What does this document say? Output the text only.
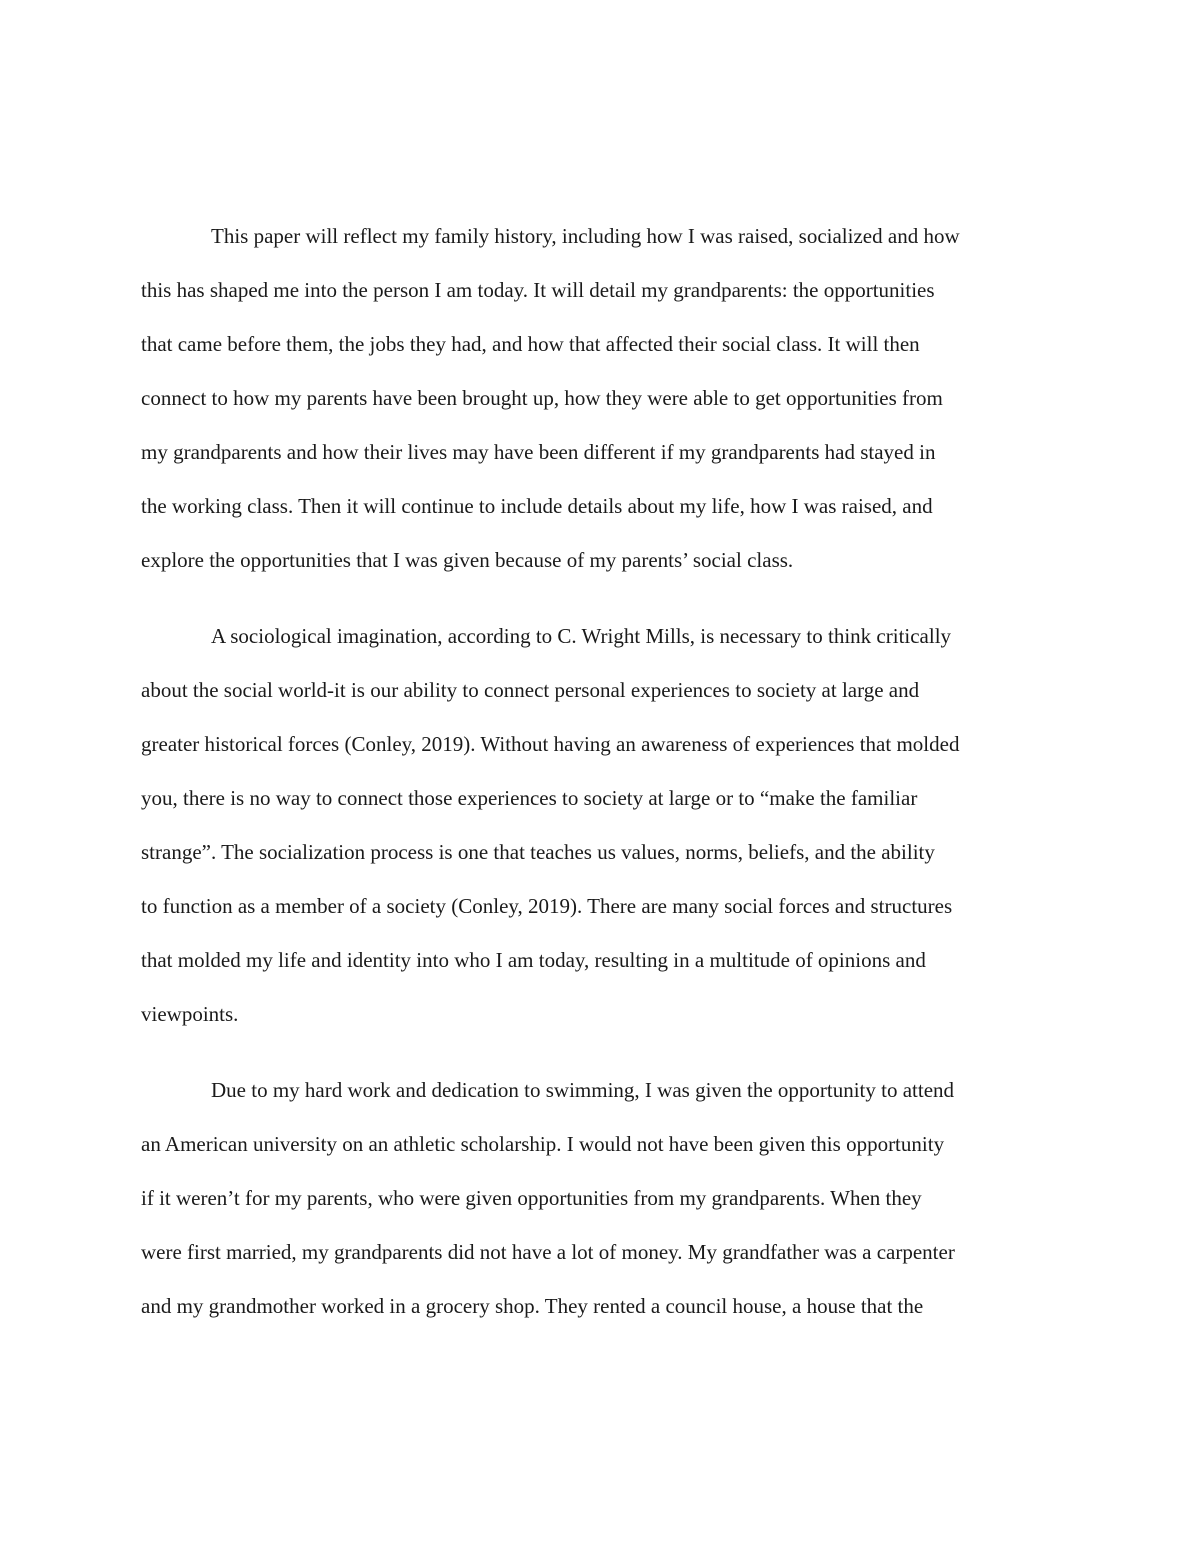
This paper will reflect my family history, including how I was raised, socialized and how
this has shaped me into the person I am today. It will detail my grandparents: the opportunities
that came before them, the jobs they had, and how that affected their social class. It will then
connect to how my parents have been brought up, how they were able to get opportunities from
my grandparents and how their lives may have been different if my grandparents had stayed in
the working class. Then it will continue to include details about my life, how I was raised, and
explore the opportunities that I was given because of my parents’ social class.
A sociological imagination, according to C. Wright Mills, is necessary to think critically
about the social world-it is our ability to connect personal experiences to society at large and
greater historical forces (Conley, 2019). Without having an awareness of experiences that molded
you, there is no way to connect those experiences to society at large or to “make the familiar
strange”. The socialization process is one that teaches us values, norms, beliefs, and the ability
to function as a member of a society (Conley, 2019). There are many social forces and structures
that molded my life and identity into who I am today, resulting in a multitude of opinions and
viewpoints.
Due to my hard work and dedication to swimming, I was given the opportunity to attend
an American university on an athletic scholarship. I would not have been given this opportunity
if it weren’t for my parents, who were given opportunities from my grandparents. When they
were first married, my grandparents did not have a lot of money. My grandfather was a carpenter
and my grandmother worked in a grocery shop. They rented a council house, a house that the
